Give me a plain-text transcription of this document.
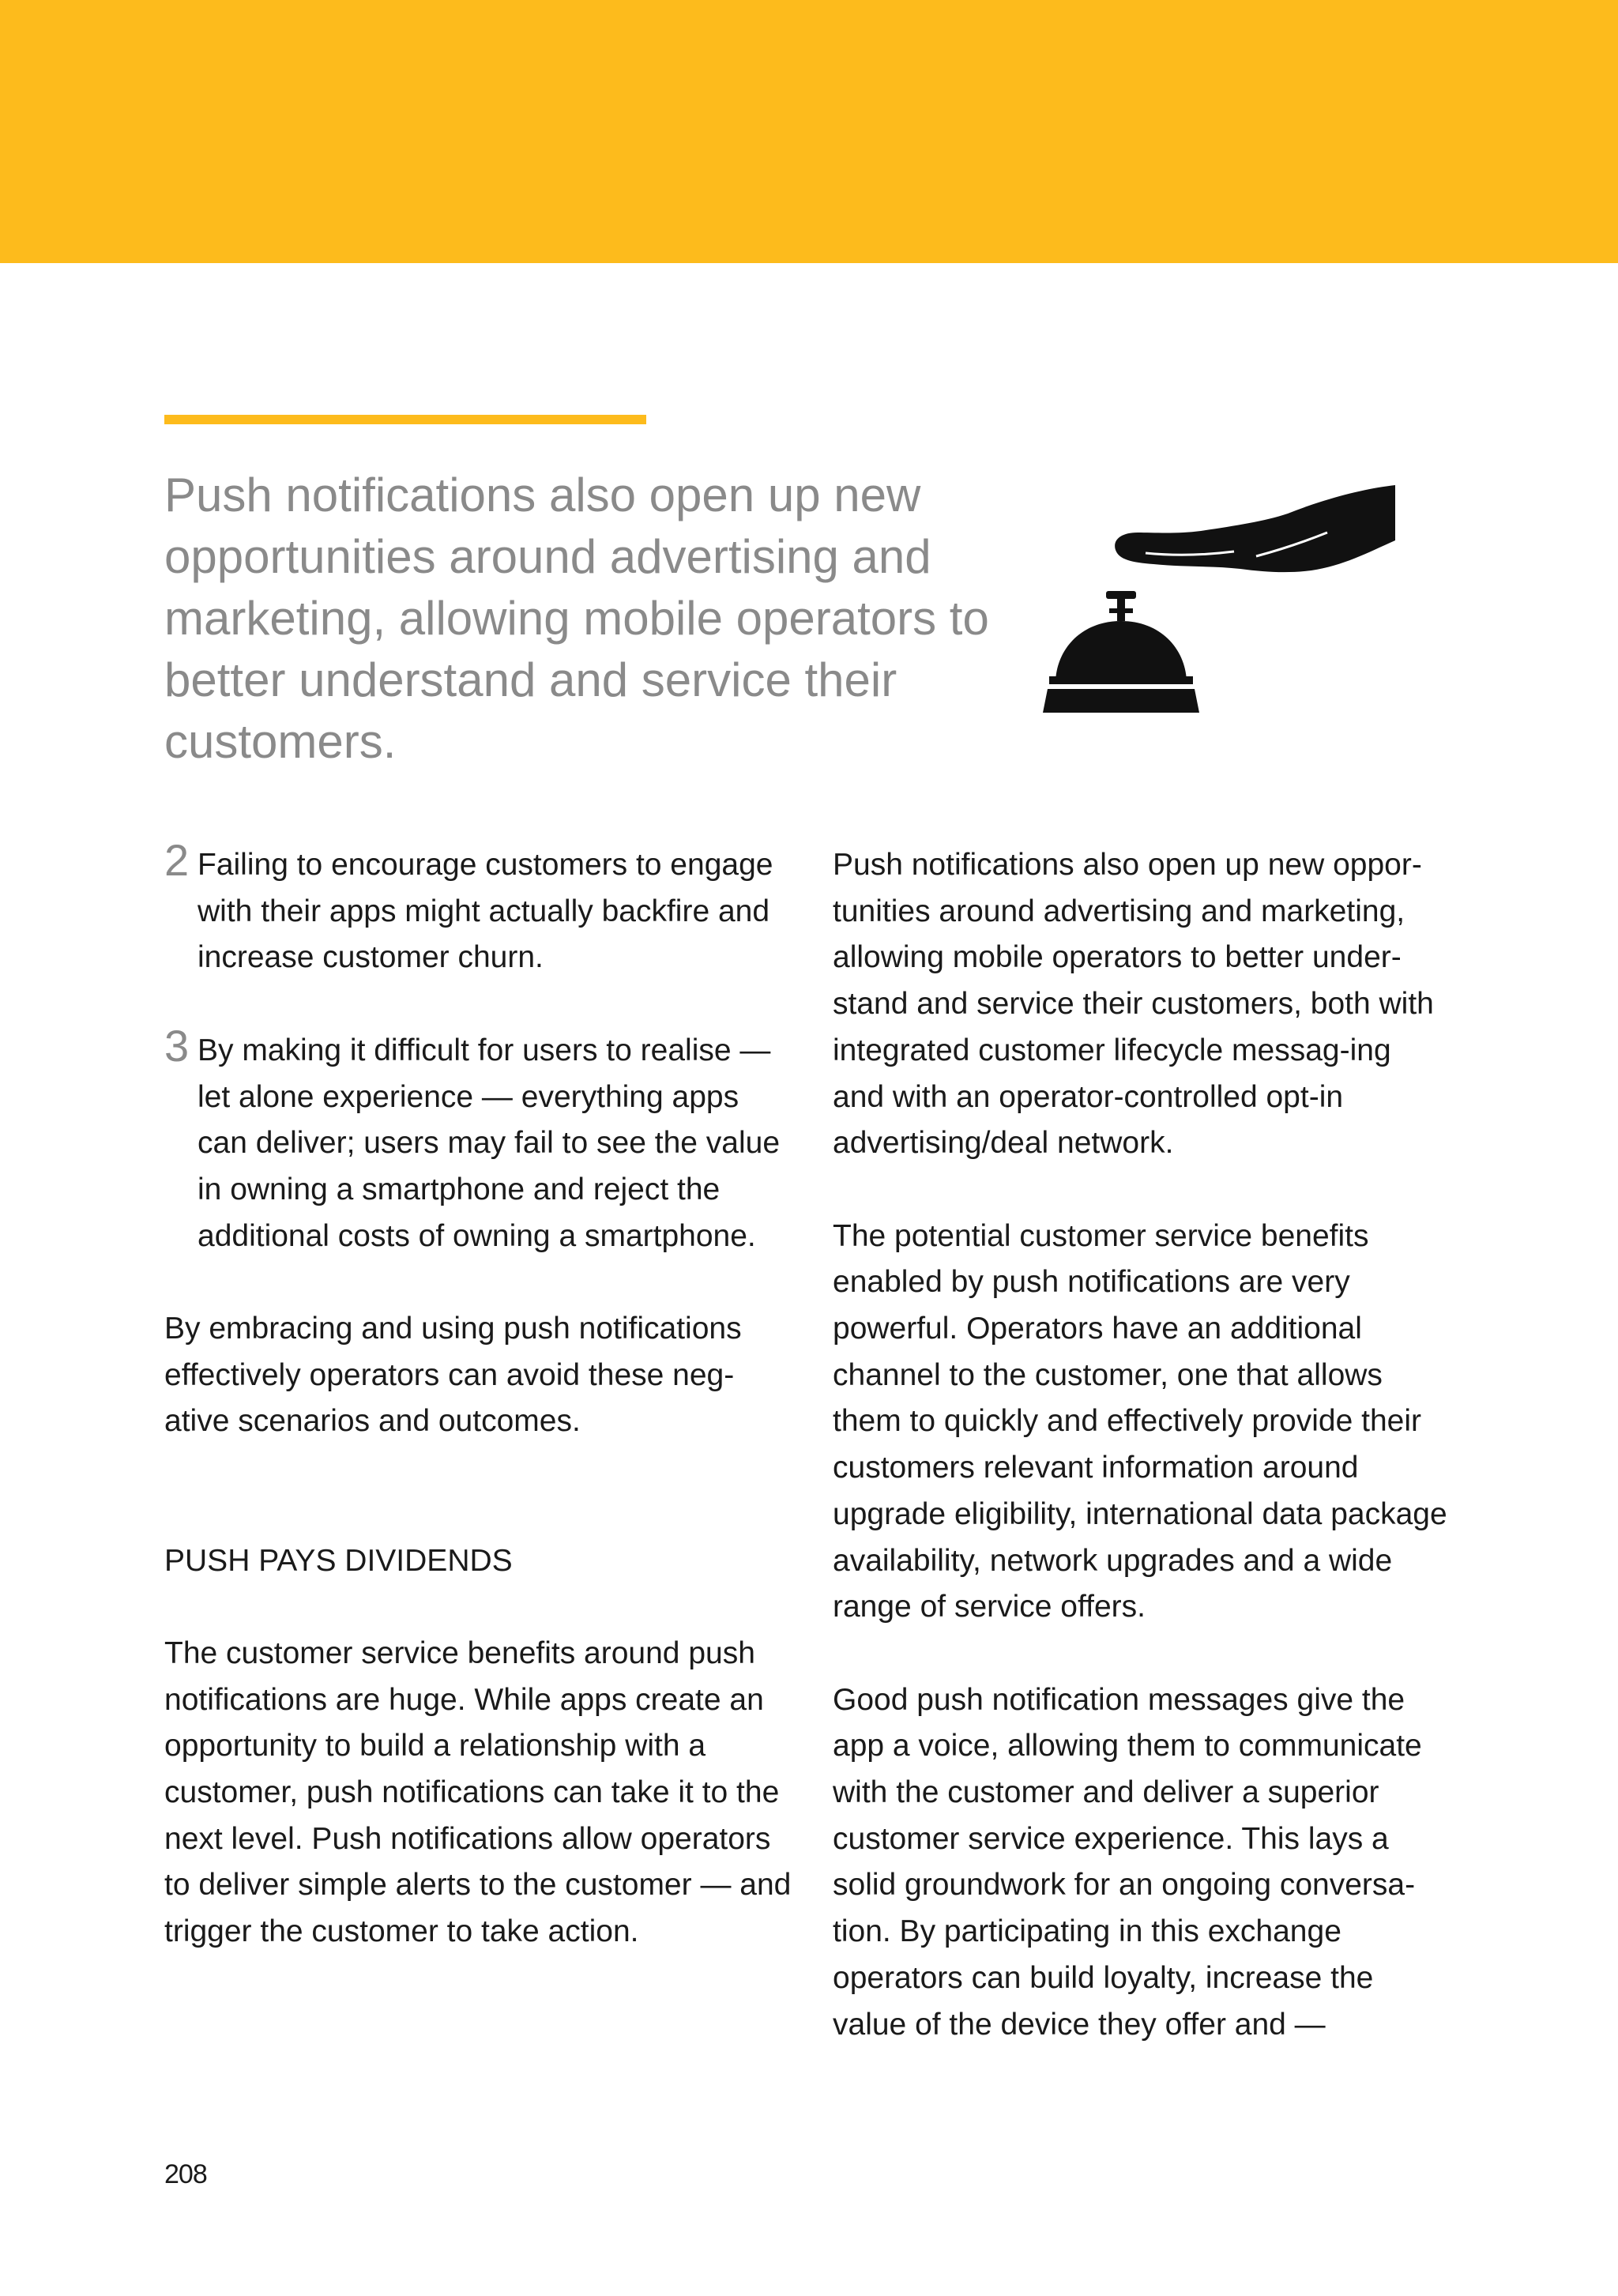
Push notifications also open up new opportunities around advertising and marketing, allowing mobile operators to better understand and service their customers.

2 Failing to encourage customers to engage with their apps might actually backfire and increase customer churn.

3 By making it difficult for users to realise — let alone experience — everything apps can deliver; users may fail to see the value in owning a smartphone and reject the additional costs of owning a smartphone.

By embracing and using push notifications effectively operators can avoid these neg-ative scenarios and outcomes.

PUSH PAYS DIVIDENDS

The customer service benefits around push notifications are huge. While apps create an opportunity to build a relationship with a customer, push notifications can take it to the next level. Push notifications allow operators to deliver simple alerts to the customer — and trigger the customer to take action.

Push notifications also open up new oppor-tunities around advertising and marketing, allowing mobile operators to better under-stand and service their customers, both with integrated customer lifecycle messag-ing and with an operator-controlled opt-in advertising/deal network.

The potential customer service benefits enabled by push notifications are very powerful. Operators have an additional channel to the customer, one that allows them to quickly and effectively provide their customers relevant information around upgrade eligibility, international data package availability, network upgrades and a wide range of service offers.

Good push notification messages give the app a voice, allowing them to communicate with the customer and deliver a superior customer service experience. This lays a solid groundwork for an ongoing conversa-tion. By participating in this exchange operators can build loyalty, increase the value of the device they offer and —

208
